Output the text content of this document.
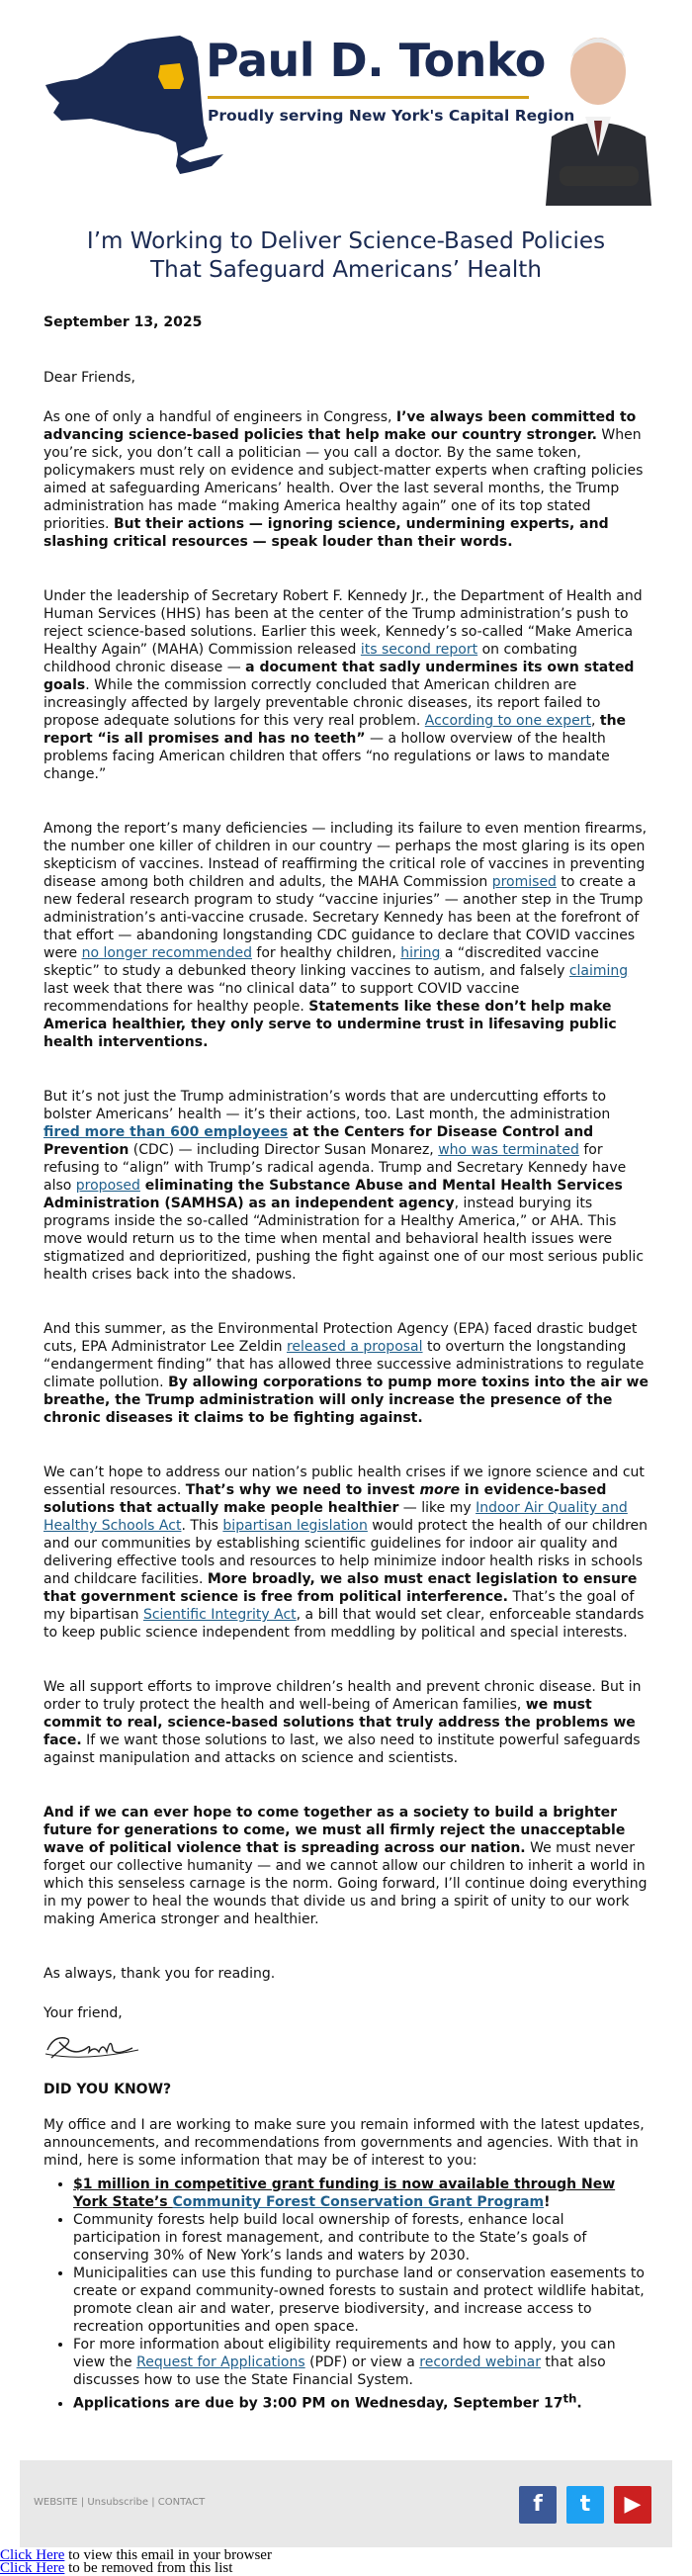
Paul D. Tonko
Proudly serving New York's Capital Region
I’m Working to Deliver Science-Based Policies That Safeguard Americans’ Health

September 13, 2025

Dear Friends,

As one of only a handful of engineers in Congress, I’ve always been committed to advancing science-based policies that help make our country stronger. When you’re sick, you don’t call a politician — you call a doctor. By the same token, policymakers must rely on evidence and subject-matter experts when crafting policies aimed at safeguarding Americans’ health. Over the last several months, the Trump administration has made “making America healthy again” one of its top stated priorities. But their actions — ignoring science, undermining experts, and slashing critical resources — speak louder than their words.

Under the leadership of Secretary Robert F. Kennedy Jr., the Department of Health and Human Services (HHS) has been at the center of the Trump administration’s push to reject science-based solutions. Earlier this week, Kennedy’s so-called “Make America Healthy Again” (MAHA) Commission released its second report on combating childhood chronic disease — a document that sadly undermines its own stated goals. While the commission correctly concluded that American children are increasingly affected by largely preventable chronic diseases, its report failed to propose adequate solutions for this very real problem. According to one expert, the report “is all promises and has no teeth” — a hollow overview of the health problems facing American children that offers “no regulations or laws to mandate change.”

Among the report’s many deficiencies — including its failure to even mention firearms, the number one killer of children in our country — perhaps the most glaring is its open skepticism of vaccines. Instead of reaffirming the critical role of vaccines in preventing disease among both children and adults, the MAHA Commission promised to create a new federal research program to study “vaccine injuries” — another step in the Trump administration’s anti-vaccine crusade. Secretary Kennedy has been at the forefront of that effort — abandoning longstanding CDC guidance to declare that COVID vaccines were no longer recommended for healthy children, hiring a “discredited vaccine skeptic” to study a debunked theory linking vaccines to autism, and falsely claiming last week that there was “no clinical data” to support COVID vaccine recommendations for healthy people. Statements like these don’t help make America healthier, they only serve to undermine trust in lifesaving public health interventions.

But it’s not just the Trump administration’s words that are undercutting efforts to bolster Americans’ health — it’s their actions, too. Last month, the administration fired more than 600 employees at the Centers for Disease Control and Prevention (CDC) — including Director Susan Monarez, who was terminated for refusing to “align” with Trump’s radical agenda. Trump and Secretary Kennedy have also proposed eliminating the Substance Abuse and Mental Health Services Administration (SAMHSA) as an independent agency, instead burying its programs inside the so-called “Administration for a Healthy America,” or AHA. This move would return us to the time when mental and behavioral health issues were stigmatized and deprioritized, pushing the fight against one of our most serious public health crises back into the shadows.

And this summer, as the Environmental Protection Agency (EPA) faced drastic budget cuts, EPA Administrator Lee Zeldin released a proposal to overturn the longstanding “endangerment finding” that has allowed three successive administrations to regulate climate pollution. By allowing corporations to pump more toxins into the air we breathe, the Trump administration will only increase the presence of the chronic diseases it claims to be fighting against.

We can’t hope to address our nation’s public health crises if we ignore science and cut essential resources. That’s why we need to invest more in evidence-based solutions that actually make people healthier — like my Indoor Air Quality and Healthy Schools Act. This bipartisan legislation would protect the health of our children and our communities by establishing scientific guidelines for indoor air quality and delivering effective tools and resources to help minimize indoor health risks in schools and childcare facilities. More broadly, we also must enact legislation to ensure that government science is free from political interference. That’s the goal of my bipartisan Scientific Integrity Act, a bill that would set clear, enforceable standards to keep public science independent from meddling by political and special interests.

We all support efforts to improve children’s health and prevent chronic disease. But in order to truly protect the health and well-being of American families, we must commit to real, science-based solutions that truly address the problems we face. If we want those solutions to last, we also need to institute powerful safeguards against manipulation and attacks on science and scientists.

And if we can ever hope to come together as a society to build a brighter future for generations to come, we must all firmly reject the unacceptable wave of political violence that is spreading across our nation. We must never forget our collective humanity — and we cannot allow our children to inherit a world in which this senseless carnage is the norm. Going forward, I’ll continue doing everything in my power to heal the wounds that divide us and bring a spirit of unity to our work making America stronger and healthier.

As always, thank you for reading.

Your friend,

DID YOU KNOW?

My office and I are working to make sure you remain informed with the latest updates, announcements, and recommendations from governments and agencies. With that in mind, here is some information that may be of interest to you:

• $1 million in competitive grant funding is now available through New York State’s Community Forest Conservation Grant Program!
• Community forests help build local ownership of forests, enhance local participation in forest management, and contribute to the State’s goals of conserving 30% of New York’s lands and waters by 2030.
• Municipalities can use this funding to purchase land or conservation easements to create or expand community-owned forests to sustain and protect wildlife habitat, promote clean air and water, preserve biodiversity, and increase access to recreation opportunities and open space.
• For more information about eligibility requirements and how to apply, you can view the Request for Applications (PDF) or view a recorded webinar that also discusses how to use the State Financial System.
• Applications are due by 3:00 PM on Wednesday, September 17th.
WEBSITE | Unsubscribe | CONTACT	f	t	▶
Click Here to view this email in your browser
Click Here to be removed from this list
